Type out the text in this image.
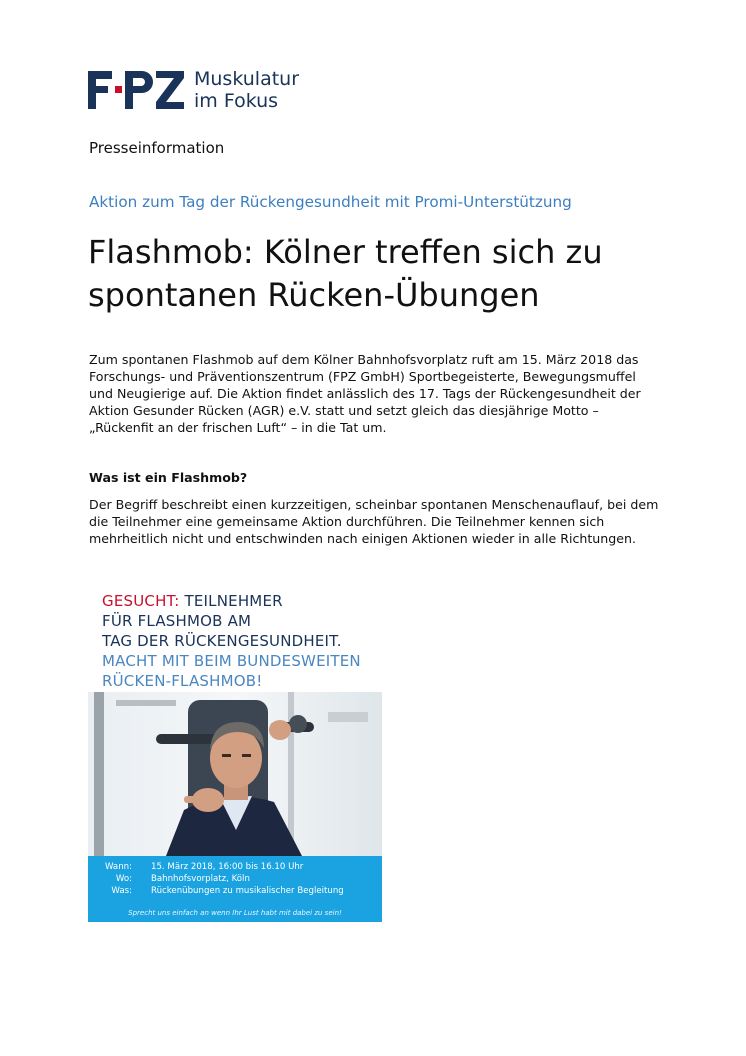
Muskulatur
im Fokus
Presseinformation
Aktion zum Tag der Rückengesundheit mit Promi-Unterstützung
Flashmob: Kölner treffen sich zu
spontanen Rücken-Übungen

Zum spontanen Flashmob auf dem Kölner Bahnhofsvorplatz ruft am 15. März 2018 das Forschungs- und Präventionszentrum (FPZ GmbH) Sportbegeisterte, Bewegungsmuffel und Neugierige auf. Die Aktion findet anlässlich des 17. Tags der Rückengesundheit der Aktion Gesunder Rücken (AGR) e.V. statt und setzt gleich das diesjährige Motto – „Rückenfit an der frischen Luft“ – in die Tat um.

Was ist ein Flashmob?

Der Begriff beschreibt einen kurzzeitigen, scheinbar spontanen Menschenauflauf, bei dem die Teilnehmer eine gemeinsame Aktion durchführen. Die Teilnehmer kennen sich mehrheitlich nicht und entschwinden nach einigen Aktionen wieder in alle Richtungen.

GESUCHT: TEILNEHMER
FÜR FLASHMOB AM
TAG DER RÜCKENGESUNDHEIT.
MACHT MIT BEIM BUNDESWEITEN
RÜCKEN-FLASHMOB!
Wann: 15. März 2018, 16:00 bis 16.10 Uhr
Wo: Bahnhofsvorplatz, Köln
Was: Rückenübungen zu musikalischer Begleitung
Sprecht uns einfach an wenn Ihr Lust habt mit dabei zu sein!
